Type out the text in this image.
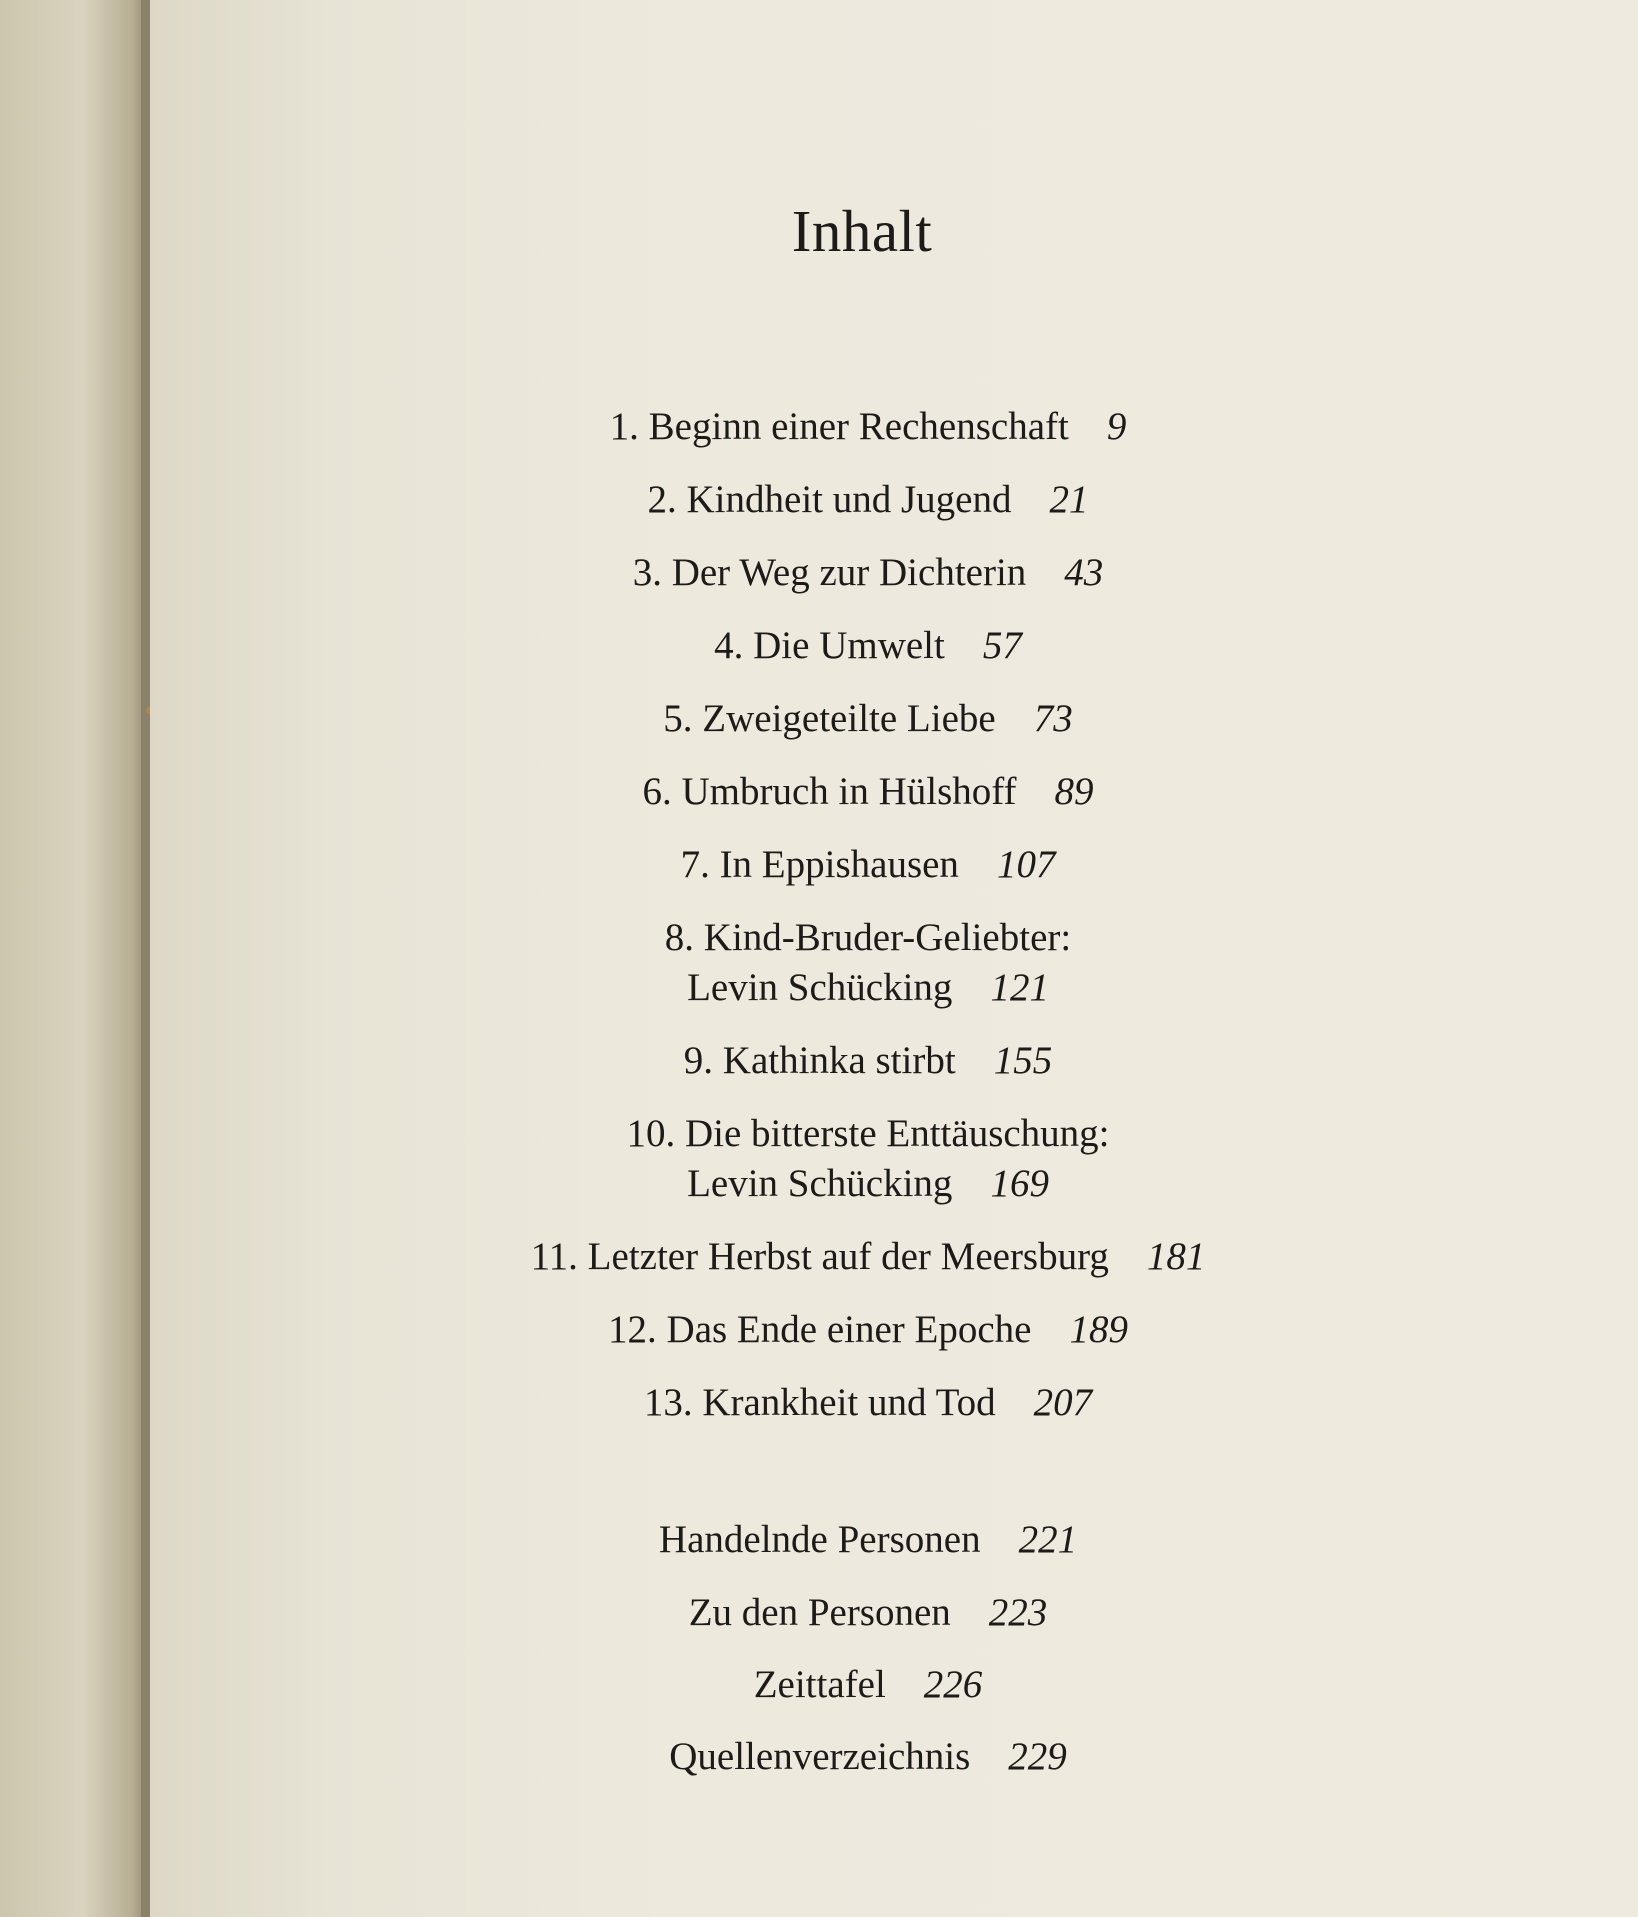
Inhalt
1. Beginn einer Rechenschaft 9
2. Kindheit und Jugend 21
3. Der Weg zur Dichterin 43
4. Die Umwelt 57
5. Zweigeteilte Liebe 73
6. Umbruch in Hülshoff 89
7. In Eppishausen 107
8. Kind-Bruder-Geliebter:
Levin Schücking 121
9. Kathinka stirbt 155
10. Die bitterste Enttäuschung:
Levin Schücking 169
11. Letzter Herbst auf der Meersburg 181
12. Das Ende einer Epoche 189
13. Krankheit und Tod 207
Handelnde Personen 221
Zu den Personen 223
Zeittafel 226
Quellenverzeichnis 229
